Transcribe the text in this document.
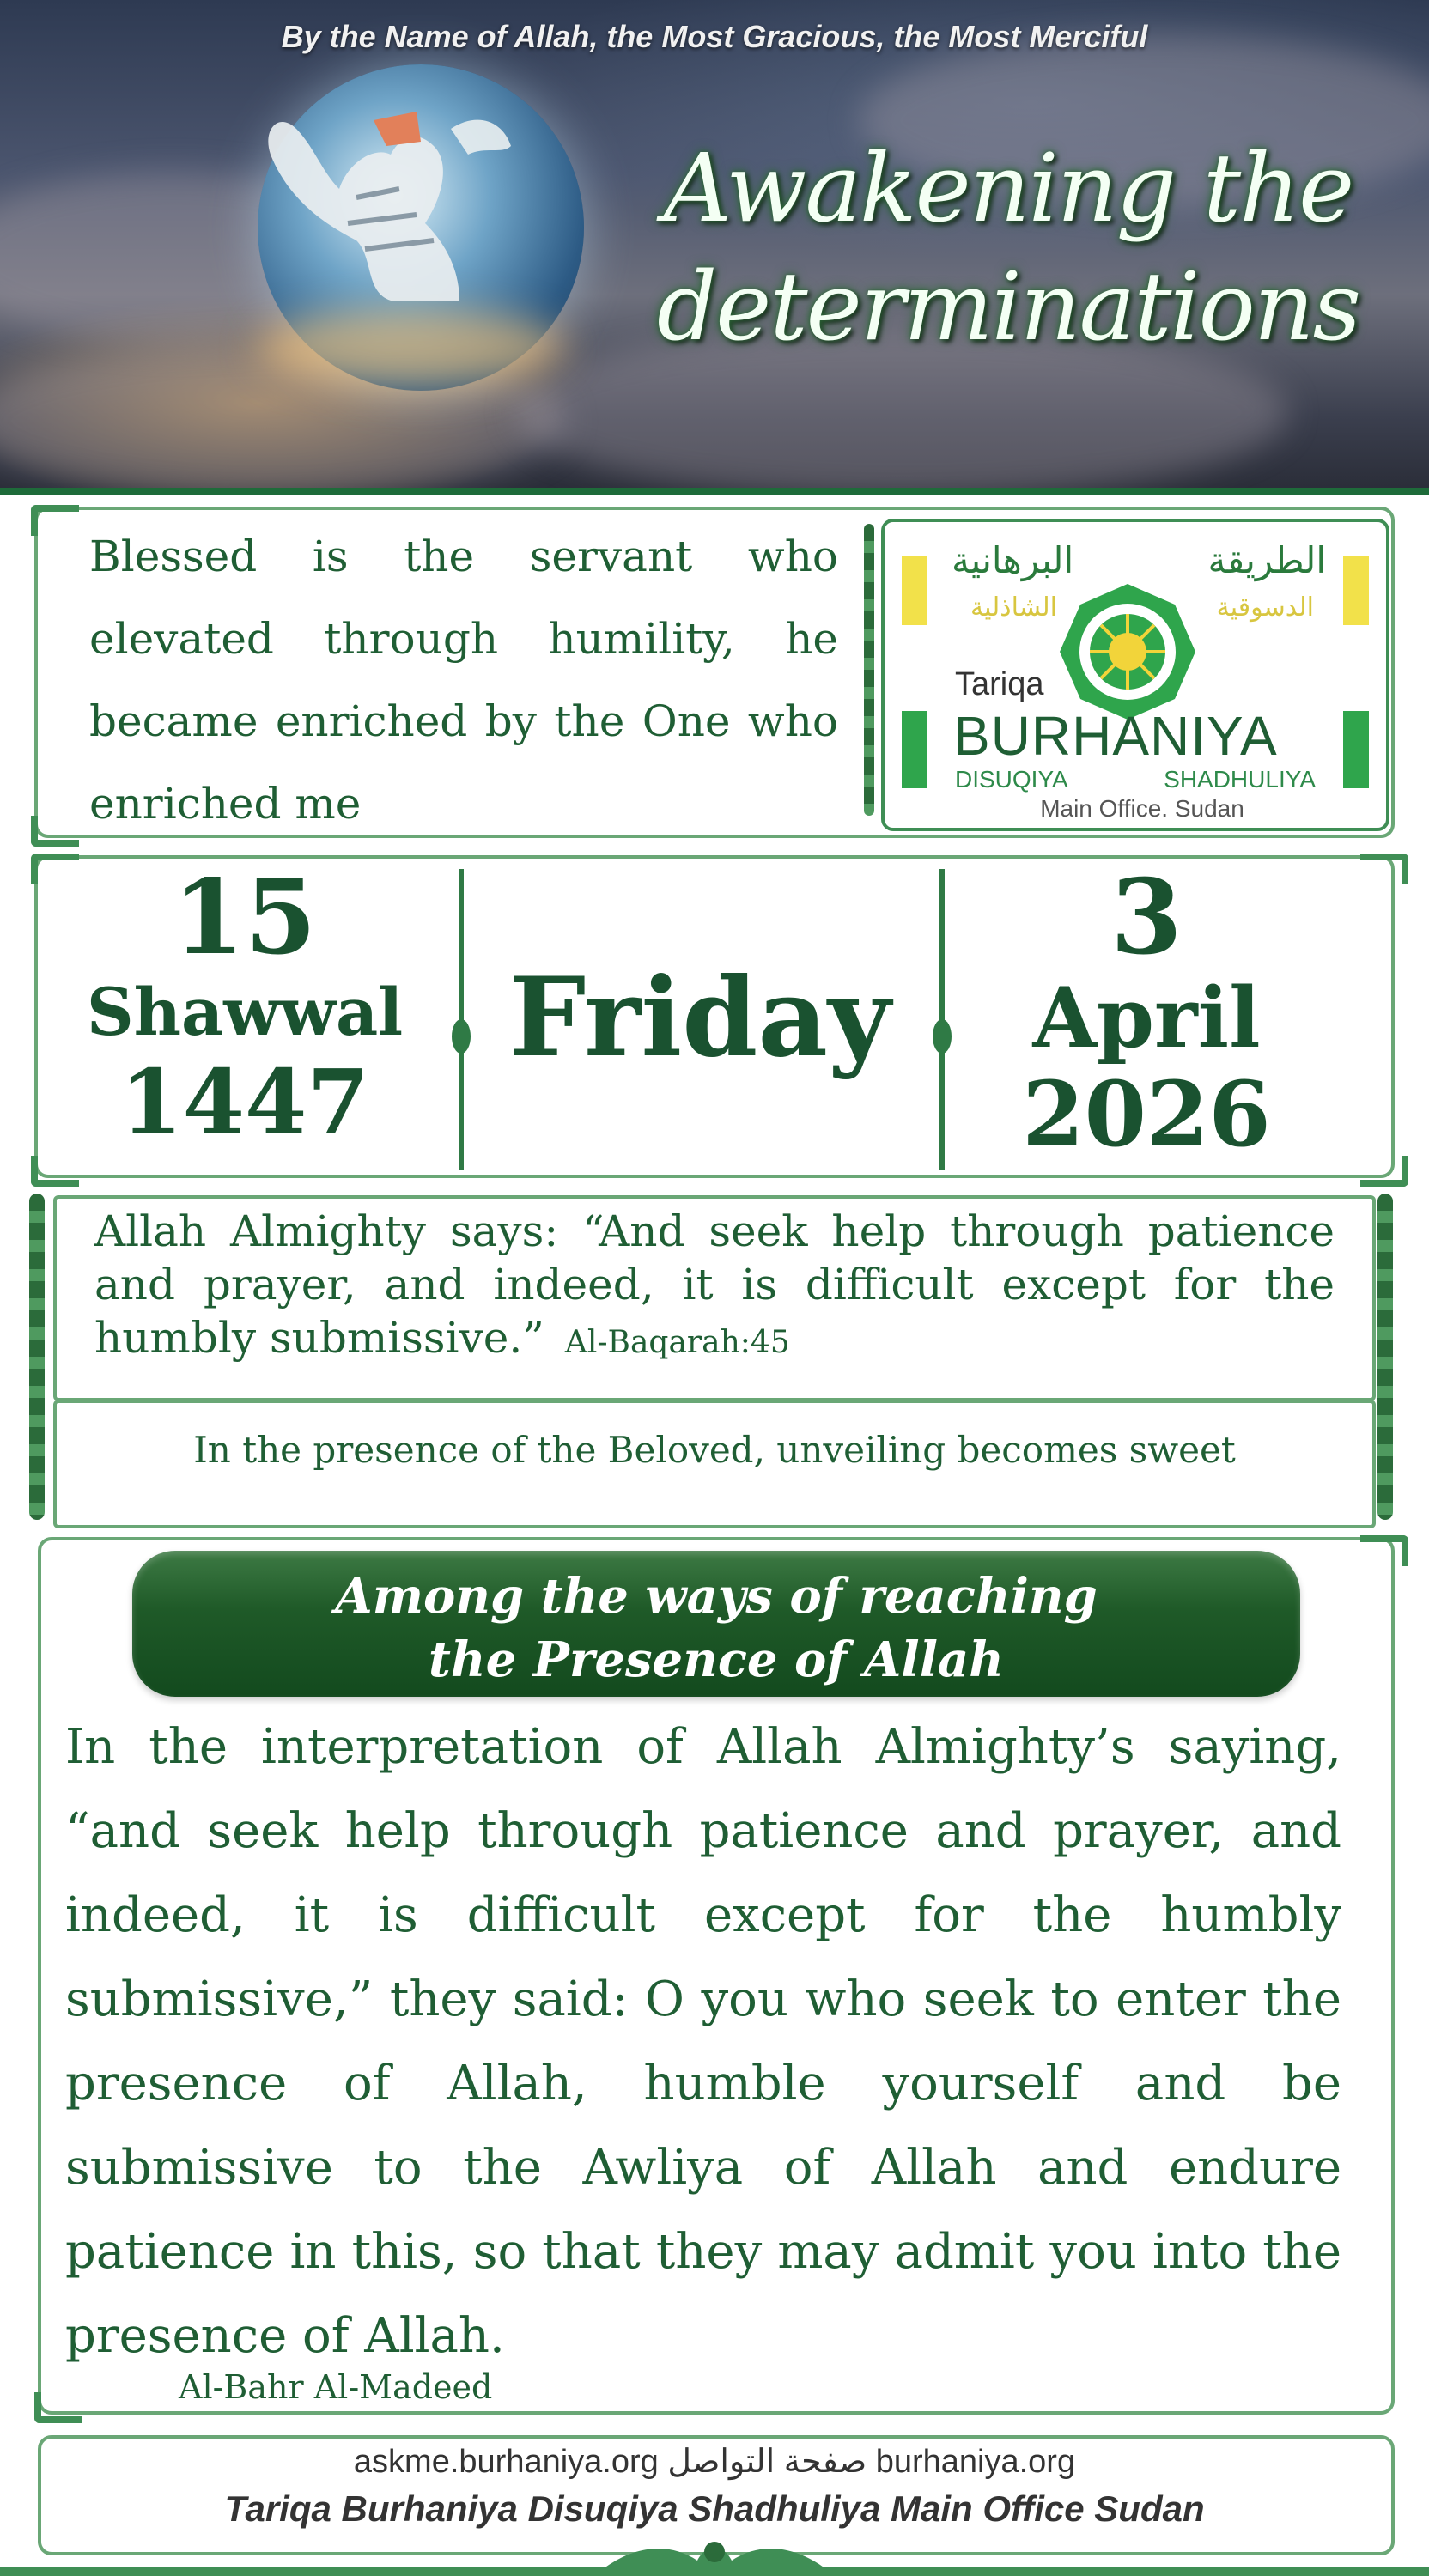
By the Name of Allah, the Most Gracious, the Most Merciful
Awakening the
determinations
Blessed is the servant who elevated through humility, he became enriched by the One who enriched me
البرهانية	الطريقة
الشاذلية	الدسوقية
Tariqa
BURHANIYA
DISUQIYA	SHADHULIYA
Main Office. Sudan
15
Shawwal
1447
Friday
3
April
2026
Allah Almighty says: “And seek help through patience and prayer, and indeed, it is difficult except for the humbly submissive.” Al-Baqarah:45
In the presence of the Beloved, unveiling becomes sweet
Among the ways of reaching
the Presence of Allah
In the interpretation of Allah Almighty’s saying, “and seek help through patience and prayer, and indeed, it is difficult except for the humbly submissive,” they said: O you who seek to enter the presence of Allah, humble yourself and be submissive to the Awliya of Allah and endure patience in this, so that they may admit you into the presence of Allah.
Al-Bahr Al-Madeed
askme.burhaniya.org صفحة التواصل burhaniya.org
Tariqa Burhaniya Disuqiya Shadhuliya Main Office Sudan
